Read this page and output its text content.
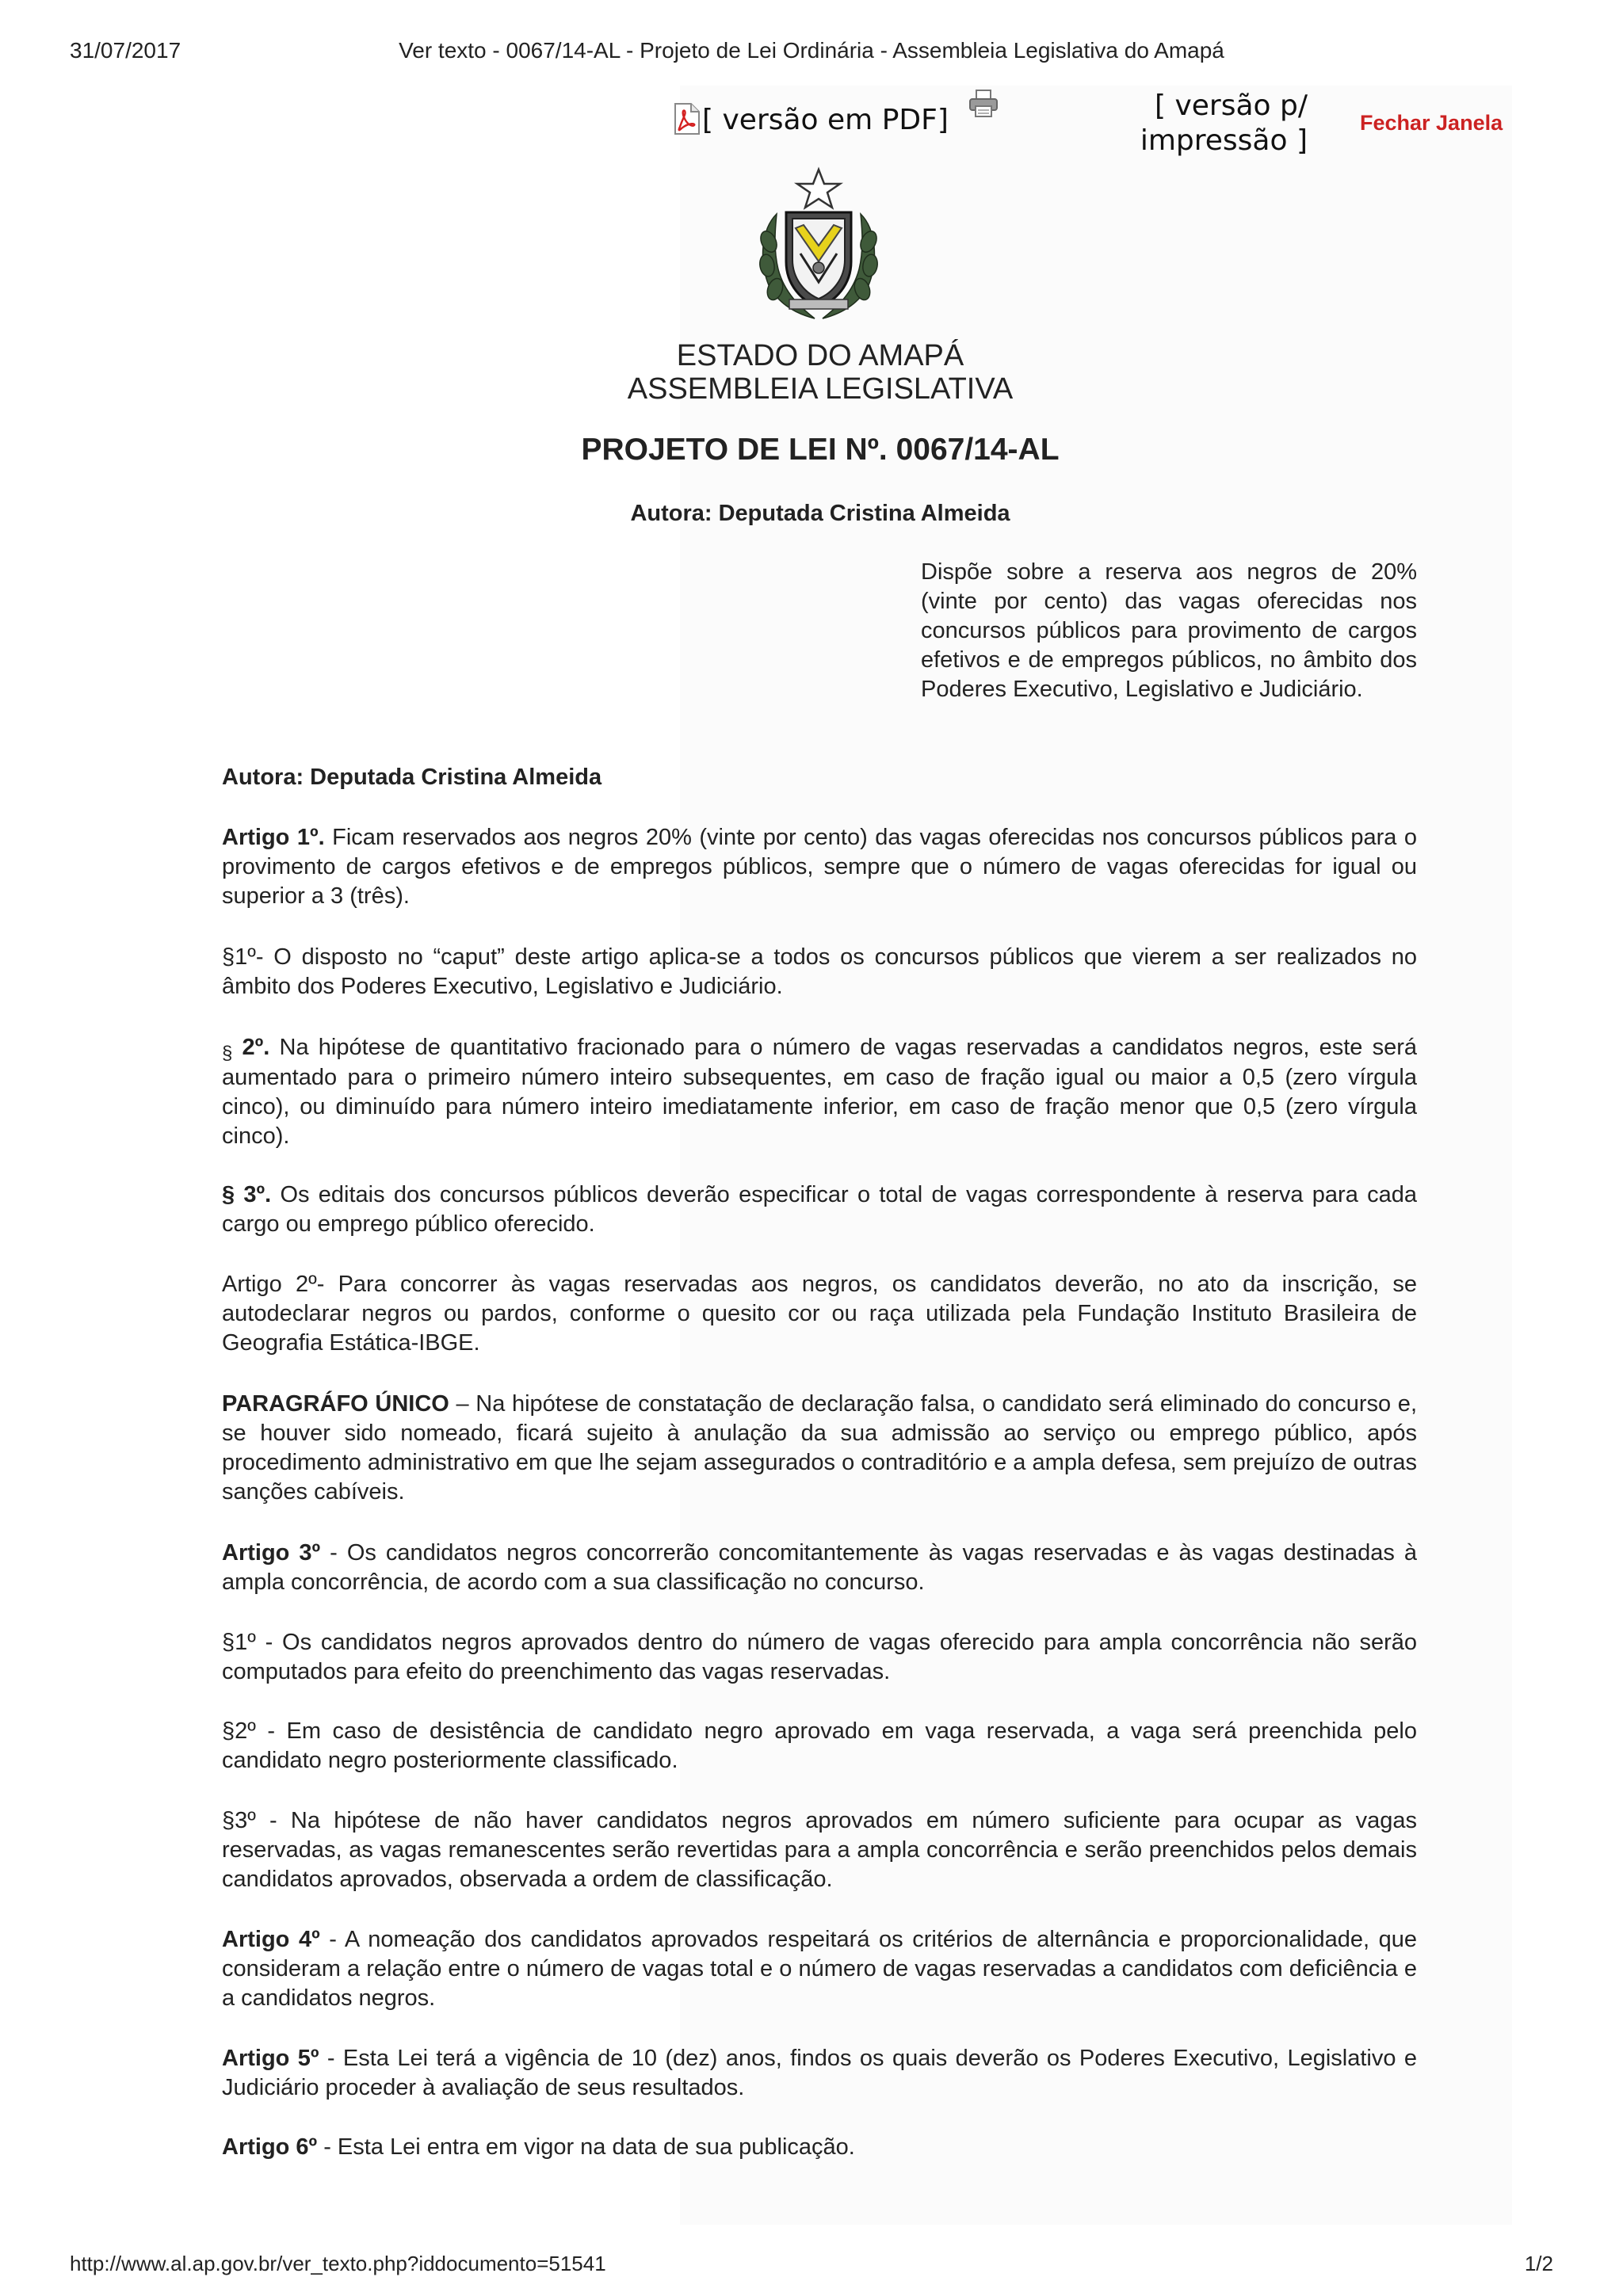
31/07/2017	Ver texto - 0067/14-AL - Projeto de Lei Ordinária - Assembleia Legislativa do Amapá
[ versão em PDF]	[ versão p/ impressão ]
Fechar Janela
ESTADO DO AMAPÁ
ASSEMBLEIA LEGISLATIVA
PROJETO DE LEI Nº. 0067/14-AL
Autora: Deputada Cristina Almeida

Dispõe sobre a reserva aos negros de 20% (vinte por cento) das vagas oferecidas nos concursos públicos para provimento de cargos efetivos e de empregos públicos, no âmbito dos Poderes Executivo, Legislativo e Judiciário.

Autora: Deputada Cristina Almeida

Artigo 1º. Ficam reservados aos negros 20% (vinte por cento) das vagas oferecidas nos concursos públicos para o provimento de cargos efetivos e de empregos públicos, sempre que o número de vagas oferecidas for igual ou superior a 3 (três).

§1º- O disposto no “caput” deste artigo aplica-se a todos os concursos públicos que vierem a ser realizados no âmbito dos Poderes Executivo, Legislativo e Judiciário.

$_\S$ 2º. Na hipótese de quantitativo fracionado para o número de vagas reservadas a candidatos negros, este será aumentado para o primeiro número inteiro subsequentes, em caso de fração igual ou maior a 0,5 (zero vírgula cinco), ou diminuído para número inteiro imediatamente inferior, em caso de fração menor que 0,5 (zero vírgula cinco).

§ 3º. Os editais dos concursos públicos deverão especificar o total de vagas correspondente à reserva para cada cargo ou emprego público oferecido.

Artigo 2º- Para concorrer às vagas reservadas aos negros, os candidatos deverão, no ato da inscrição, se autodeclarar negros ou pardos, conforme o quesito cor ou raça utilizada pela Fundação Instituto Brasileira de Geografia Estática-IBGE.

PARAGRÁFO ÚNICO – Na hipótese de constatação de declaração falsa, o candidato será eliminado do concurso e, se houver sido nomeado, ficará sujeito à anulação da sua admissão ao serviço ou emprego público, após procedimento administrativo em que lhe sejam assegurados o contraditório e a ampla defesa, sem prejuízo de outras sanções cabíveis.

Artigo 3º - Os candidatos negros concorrerão concomitantemente às vagas reservadas e às vagas destinadas à ampla concorrência, de acordo com a sua classificação no concurso.

§1º - Os candidatos negros aprovados dentro do número de vagas oferecido para ampla concorrência não serão computados para efeito do preenchimento das vagas reservadas.

§2º - Em caso de desistência de candidato negro aprovado em vaga reservada, a vaga será preenchida pelo candidato negro posteriormente classificado.

§3º - Na hipótese de não haver candidatos negros aprovados em número suficiente para ocupar as vagas reservadas, as vagas remanescentes serão revertidas para a ampla concorrência e serão preenchidos pelos demais candidatos aprovados, observada a ordem de classificação.

Artigo 4º - A nomeação dos candidatos aprovados respeitará os critérios de alternância e proporcionalidade, que consideram a relação entre o número de vagas total e o número de vagas reservadas a candidatos com deficiência e a candidatos negros.

Artigo 5º - Esta Lei terá a vigência de 10 (dez) anos, findos os quais deverão os Poderes Executivo, Legislativo e Judiciário proceder à avaliação de seus resultados.

Artigo 6º - Esta Lei entra em vigor na data de sua publicação.

http://www.al.ap.gov.br/ver_texto.php?iddocumento=51541	1/2
